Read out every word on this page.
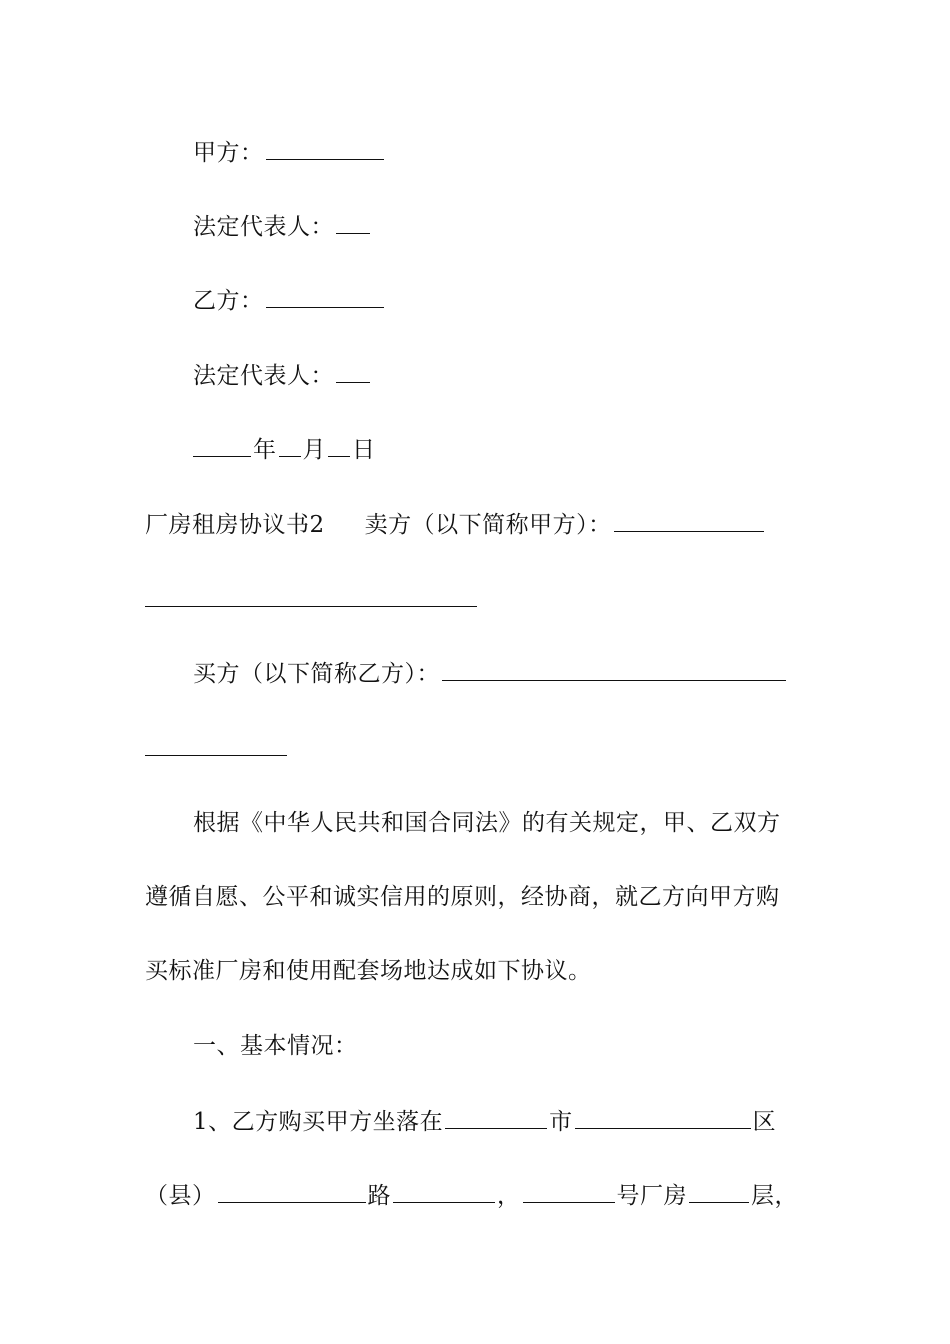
甲方：
法定代表人：
乙方：
法定代表人：
年 月 日
厂房租房协议书2 卖方（以下简称甲方）：
买方（以下简称乙方）：
根据《中华人民共和国合同法》的有关规定，甲、乙双方
遵循自愿、公平和诚实信用的原则，经协商，就乙方向甲方购
买标准厂房和使用配套场地达成如下协议。
一、基本情况：
1、乙方购买甲方坐落在	市	区
（县）	路	，	号厂房	层，
